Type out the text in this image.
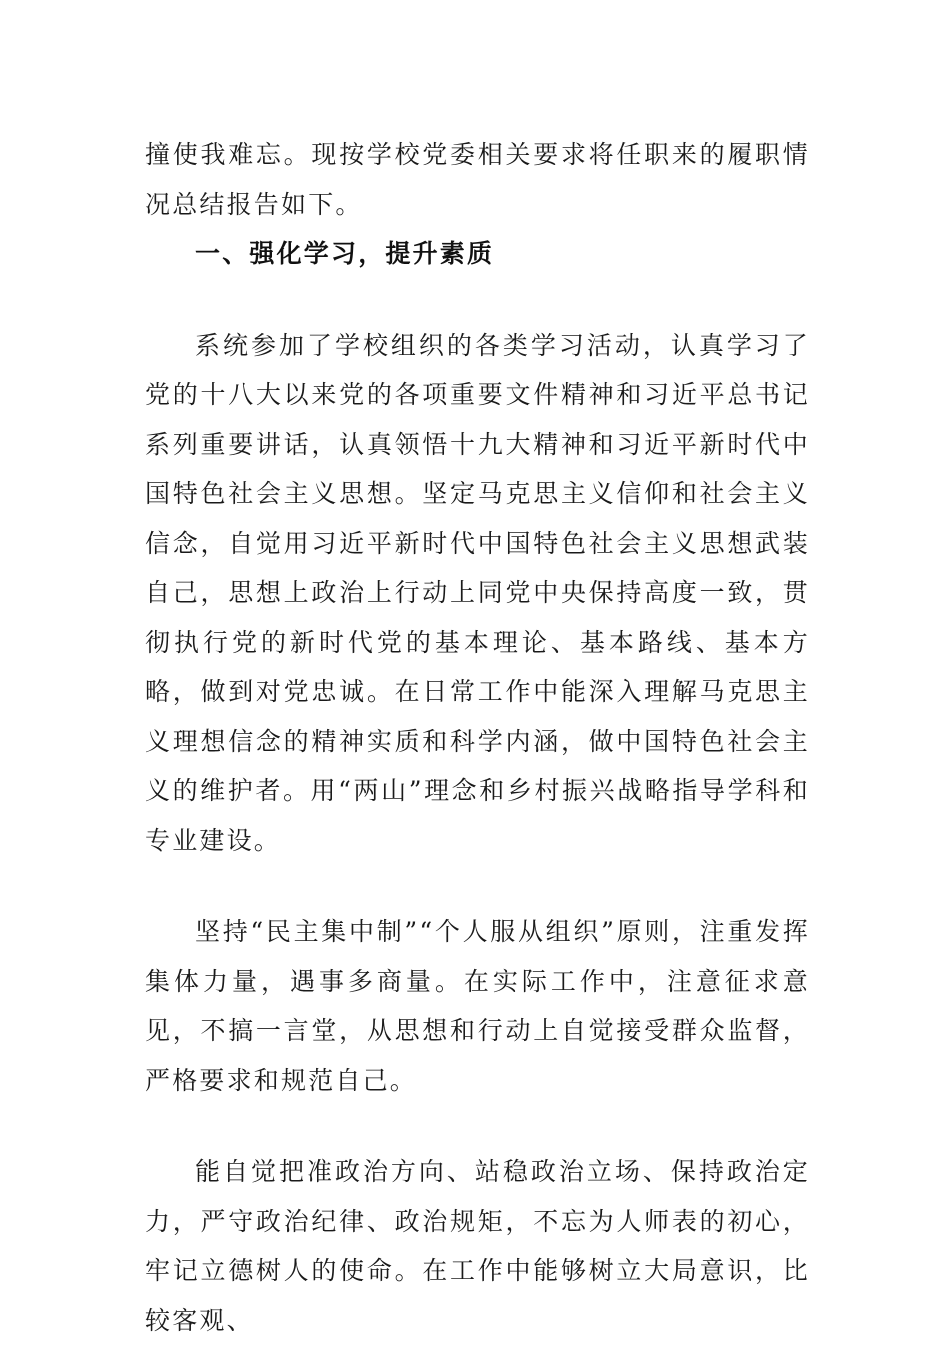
撞使我难忘。现按学校党委相关要求将任职来的履职情况总结报告如下。

一、强化学习，提升素质

系统参加了学校组织的各类学习活动，认真学习了党的十八大以来党的各项重要文件精神和习近平总书记系列重要讲话，认真领悟十九大精神和习近平新时代中国特色社会主义思想。坚定马克思主义信仰和社会主义信念，自觉用习近平新时代中国特色社会主义思想武装自己，思想上政治上行动上同党中央保持高度一致，贯彻执行党的新时代党的基本理论、基本路线、基本方略，做到对党忠诚。在日常工作中能深入理解马克思主义理想信念的精神实质和科学内涵，做中国特色社会主义的维护者。用“两山”理念和乡村振兴战略指导学科和专业建设。

坚持“民主集中制”“个人服从组织”原则，注重发挥集体力量，遇事多商量。在实际工作中，注意征求意见，不搞一言堂，从思想和行动上自觉接受群众监督，严格要求和规范自己。

能自觉把准政治方向、站稳政治立场、保持政治定力，严守政治纪律、政治规矩，不忘为人师表的初心，牢记立德树人的使命。在工作中能够树立大局意识，比较客观、
